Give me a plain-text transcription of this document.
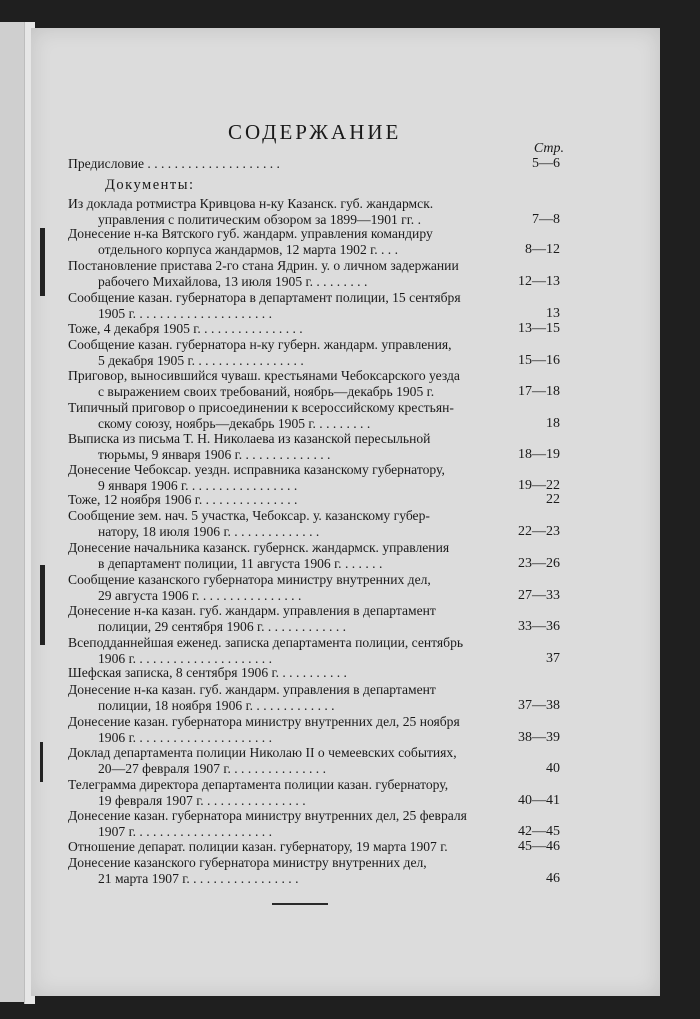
СОДЕРЖАНИЕ
Стр.
Документы:
Предисловие . . . . . . . . . . . . . . . . . . . .	5—6
Из доклада ротмистра Кривцова н-ку Казанск. губ. жандармск.
управления с политическим обзором за 1899—1901 гг. .	7—8
Донесение н-ка Вятского губ. жандарм. управления командиру
отдельного корпуса жандармов, 12 марта 1902 г. . . .	8—12
Постановление пристава 2-го стана Ядрин. у. о личном задержании
рабочего Михайлова, 13 июля 1905 г. . . . . . . . .	12—13
Сообщение казан. губернатора в департамент полиции, 15 сентября
1905 г. . . . . . . . . . . . . . . . . . . . .	13
Тоже, 4 декабря 1905 г. . . . . . . . . . . . . . . .	13—15
Сообщение казан. губернатора н-ку губерн. жандарм. управления,
5 декабря 1905 г. . . . . . . . . . . . . . . . .	15—16
Приговор, выносившийся чуваш. крестьянами Чебоксарского уезда
с выражением своих требований, ноябрь—декабрь 1905 г.	17—18
Типичный приговор о присоединении к всероссийскому крестьян-
скому союзу, ноябрь—декабрь 1905 г. . . . . . . . .	18
Выписка из письма Т. Н. Николаева из казанской пересыльной
тюрьмы, 9 января 1906 г. . . . . . . . . . . . . .	18—19
Донесение Чебоксар. уездн. исправника казанскому губернатору,
9 января 1906 г. . . . . . . . . . . . . . . . .	19—22
Тоже, 12 ноября 1906 г. . . . . . . . . . . . . . .	22
Сообщение зем. нач. 5 участка, Чебоксар. у. казанскому губер-
натору, 18 июля 1906 г. . . . . . . . . . . . . .	22—23
Донесение начальника казанск. губернск. жандармск. управления
в департамент полиции, 11 августа 1906 г. . . . . . .	23—26
Сообщение казанского губернатора министру внутренних дел,
29 августа 1906 г. . . . . . . . . . . . . . . .	27—33
Донесение н-ка казан. губ. жандарм. управления в департамент
полиции, 29 сентября 1906 г. . . . . . . . . . . . .	33—36
Всеподданнейшая еженед. записка департамента полиции, сентябрь
1906 г. . . . . . . . . . . . . . . . . . . . .	37
Шефская записка, 8 сентября 1906 г. . . . . . . . . . .
Донесение н-ка казан. губ. жандарм. управления в департамент
полиции, 18 ноября 1906 г. . . . . . . . . . . . .	37—38
Донесение казан. губернатора министру внутренних дел, 25 ноября
1906 г. . . . . . . . . . . . . . . . . . . . .	38—39
Доклад департамента полиции Николаю II о чемеевских событиях,
20—27 февраля 1907 г. . . . . . . . . . . . . . .	40
Телеграмма директора департамента полиции казан. губернатору,
19 февраля 1907 г. . . . . . . . . . . . . . . .	40—41
Донесение казан. губернатора министру внутренних дел, 25 февраля
1907 г. . . . . . . . . . . . . . . . . . . . .	42—45
Отношение депарат. полиции казан. губернатору, 19 марта 1907 г.	45—46
Донесение казанского губернатора министру внутренних дел,
21 марта 1907 г. . . . . . . . . . . . . . . . .	46
